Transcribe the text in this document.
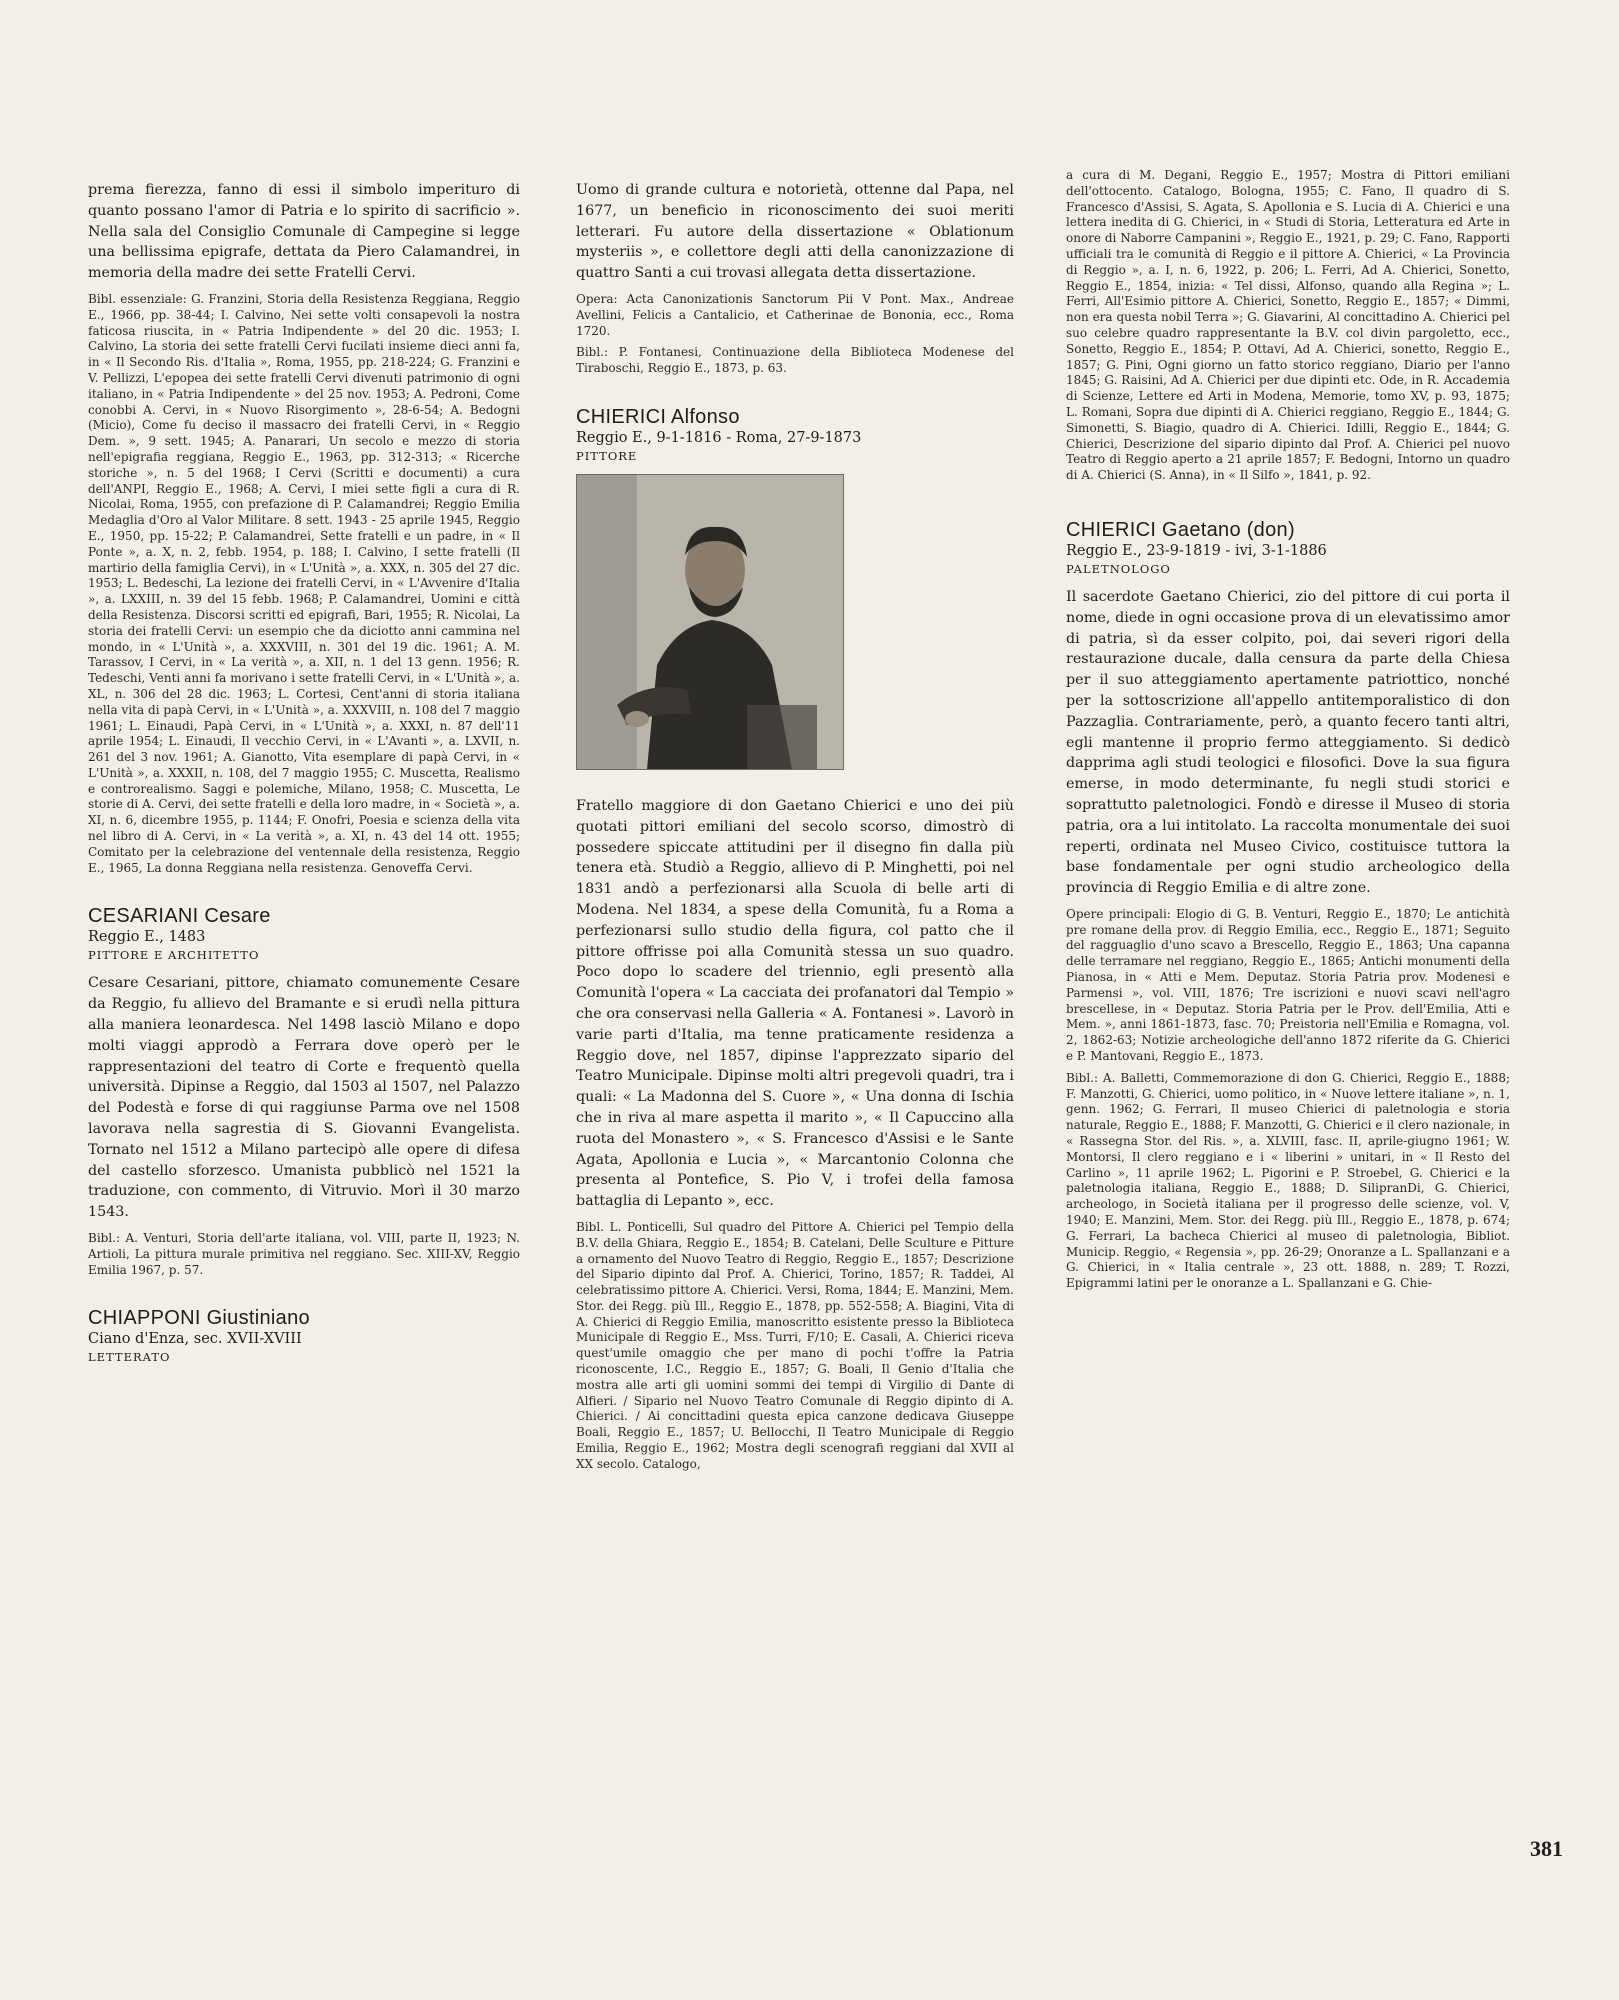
prema fierezza, fanno di essi il simbolo imperituro di quanto possano l'amor di Patria e lo spirito di sacrificio ». Nella sala del Consiglio Comunale di Campegine si legge una bellissima epigrafe, dettata da Piero Calamandrei, in memoria della madre dei sette Fratelli Cervi.

Bibl. essenziale: G. Franzini, Storia della Resistenza Reggiana, Reggio E., 1966, pp. 38-44; I. Calvino, Nei sette volti consapevoli la nostra faticosa riuscita, in « Patria Indipendente » del 20 dic. 1953; I. Calvino, La storia dei sette fratelli Cervi fucilati insieme dieci anni fa, in « Il Secondo Ris. d'Italia », Roma, 1955, pp. 218-224; G. Franzini e V. Pellizzi, L'epopea dei sette fratelli Cervi divenuti patrimonio di ogni italiano, in « Patria Indipendente » del 25 nov. 1953; A. Pedroni, Come conobbi A. Cervi, in « Nuovo Risorgimento », 28-6-54; A. Bedogni (Micio), Come fu deciso il massacro dei fratelli Cervi, in « Reggio Dem. », 9 sett. 1945; A. Panarari, Un secolo e mezzo di storia nell'epigrafia reggiana, Reggio E., 1963, pp. 312-313; « Ricerche storiche », n. 5 del 1968; I Cervi (Scritti e documenti) a cura dell'ANPI, Reggio E., 1968; A. Cervi, I miei sette figli a cura di R. Nicolai, Roma, 1955, con prefazione di P. Calamandrei; Reggio Emilia Medaglia d'Oro al Valor Militare. 8 sett. 1943 - 25 aprile 1945, Reggio E., 1950, pp. 15-22; P. Calamandrei, Sette fratelli e un padre, in « Il Ponte », a. X, n. 2, febb. 1954, p. 188; I. Calvino, I sette fratelli (Il martirio della famiglia Cervi), in « L'Unità », a. XXX, n. 305 del 27 dic. 1953; L. Bedeschi, La lezione dei fratelli Cervi, in « L'Avvenire d'Italia », a. LXXIII, n. 39 del 15 febb. 1968; P. Calamandrei, Uomini e città della Resistenza. Discorsi scritti ed epigrafi, Bari, 1955; R. Nicolai, La storia dei fratelli Cervi: un esempio che da diciotto anni cammina nel mondo, in « L'Unità », a. XXXVIII, n. 301 del 19 dic. 1961; A. M. Tarassov, I Cervi, in « La verità », a. XII, n. 1 del 13 genn. 1956; R. Tedeschi, Venti anni fa morivano i sette fratelli Cervi, in « L'Unità », a. XL, n. 306 del 28 dic. 1963; L. Cortesi, Cent'anni di storia italiana nella vita di papà Cervi, in « L'Unità », a. XXXVIII, n. 108 del 7 maggio 1961; L. Einaudi, Papà Cervi, in « L'Unità », a. XXXI, n. 87 dell'11 aprile 1954; L. Einaudi, Il vecchio Cervi, in « L'Avanti », a. LXVII, n. 261 del 3 nov. 1961; A. Gianotto, Vita esemplare di papà Cervi, in « L'Unità », a. XXXII, n. 108, del 7 maggio 1955; C. Muscetta, Realismo e controrealismo. Saggi e polemiche, Milano, 1958; C. Muscetta, Le storie di A. Cervi, dei sette fratelli e della loro madre, in « Società », a. XI, n. 6, dicembre 1955, p. 1144; F. Onofri, Poesia e scienza della vita nel libro di A. Cervi, in « La verità », a. XI, n. 43 del 14 ott. 1955; Comitato per la celebrazione del ventennale della resistenza, Reggio E., 1965, La donna Reggiana nella resistenza. Genoveffa Cervi.

CESARIANI Cesare

Reggio E., 1483

PITTORE E ARCHITETTO

Cesare Cesariani, pittore, chiamato comunemente Cesare da Reggio, fu allievo del Bramante e si erudì nella pittura alla maniera leonardesca. Nel 1498 lasciò Milano e dopo molti viaggi approdò a Ferrara dove operò per le rappresentazioni del teatro di Corte e frequentò quella università. Dipinse a Reggio, dal 1503 al 1507, nel Palazzo del Podestà e forse di qui raggiunse Parma ove nel 1508 lavorava nella sagrestia di S. Giovanni Evangelista. Tornato nel 1512 a Milano partecipò alle opere di difesa del castello sforzesco. Umanista pubblicò nel 1521 la traduzione, con commento, di Vitruvio. Morì il 30 marzo 1543.

Bibl.: A. Venturi, Storia dell'arte italiana, vol. VIII, parte II, 1923; N. Artioli, La pittura murale primitiva nel reggiano. Sec. XIII-XV, Reggio Emilia 1967, p. 57.

CHIAPPONI Giustiniano

Ciano d'Enza, sec. XVII-XVIII

LETTERATO

Uomo di grande cultura e notorietà, ottenne dal Papa, nel 1677, un beneficio in riconoscimento dei suoi meriti letterari. Fu autore della dissertazione « Oblationum mysteriis », e collettore degli atti della canonizzazione di quattro Santi a cui trovasi allegata detta dissertazione.

Opera: Acta Canonizationis Sanctorum Pii V Pont. Max., Andreae Avellini, Felicis a Cantalicio, et Catherinae de Bononia, ecc., Roma 1720.

Bibl.: P. Fontanesi, Continuazione della Biblioteca Modenese del Tiraboschi, Reggio E., 1873, p. 63.

CHIERICI Alfonso

Reggio E., 9-1-1816 - Roma, 27-9-1873

PITTORE

Fratello maggiore di don Gaetano Chierici e uno dei più quotati pittori emiliani del secolo scorso, dimostrò di possedere spiccate attitudini per il disegno fin dalla più tenera età. Studiò a Reggio, allievo di P. Minghetti, poi nel 1831 andò a perfezionarsi alla Scuola di belle arti di Modena. Nel 1834, a spese della Comunità, fu a Roma a perfezionarsi sullo studio della figura, col patto che il pittore offrisse poi alla Comunità stessa un suo quadro. Poco dopo lo scadere del triennio, egli presentò alla Comunità l'opera « La cacciata dei profanatori dal Tempio » che ora conservasi nella Galleria « A. Fontanesi ». Lavorò in varie parti d'Italia, ma tenne praticamente residenza a Reggio dove, nel 1857, dipinse l'apprezzato sipario del Teatro Municipale. Dipinse molti altri pregevoli quadri, tra i quali: « La Madonna del S. Cuore », « Una donna di Ischia che in riva al mare aspetta il marito », « Il Capuccino alla ruota del Monastero », « S. Francesco d'Assisi e le Sante Agata, Apollonia e Lucia », « Marcantonio Colonna che presenta al Pontefice, S. Pio V, i trofei della famosa battaglia di Lepanto », ecc.

Bibl. L. Ponticelli, Sul quadro del Pittore A. Chierici pel Tempio della B.V. della Ghiara, Reggio E., 1854; B. Catelani, Delle Sculture e Pitture a ornamento del Nuovo Teatro di Reggio, Reggio E., 1857; Descrizione del Sipario dipinto dal Prof. A. Chierici, Torino, 1857; R. Taddei, Al celebratissimo pittore A. Chierici. Versi, Roma, 1844; E. Manzini, Mem. Stor. dei Regg. più Ill., Reggio E., 1878, pp. 552-558; A. Biagini, Vita di A. Chierici di Reggio Emilia, manoscritto esistente presso la Biblioteca Municipale di Reggio E., Mss. Turri, F/10; E. Casali, A. Chierici riceva quest'umile omaggio che per mano di pochi t'offre la Patria riconoscente, I.C., Reggio E., 1857; G. Boali, Il Genio d'Italia che mostra alle arti gli uomini sommi dei tempi di Virgilio di Dante di Alfieri. / Sipario nel Nuovo Teatro Comunale di Reggio dipinto di A. Chierici. / Ai concittadini questa epica canzone dedicava Giuseppe Boali, Reggio E., 1857; U. Bellocchi, Il Teatro Municipale di Reggio Emilia, Reggio E., 1962; Mostra degli scenografi reggiani dal XVII al XX secolo. Catalogo,

a cura di M. Degani, Reggio E., 1957; Mostra di Pittori emiliani dell'ottocento. Catalogo, Bologna, 1955; C. Fano, Il quadro di S. Francesco d'Assisi, S. Agata, S. Apollonia e S. Lucia di A. Chierici e una lettera inedita di G. Chierici, in « Studi di Storia, Letteratura ed Arte in onore di Naborre Campanini », Reggio E., 1921, p. 29; C. Fano, Rapporti ufficiali tra le comunità di Reggio e il pittore A. Chierici, « La Provincia di Reggio », a. I, n. 6, 1922, p. 206; L. Ferri, Ad A. Chierici, Sonetto, Reggio E., 1854, inizia: « Tel dissi, Alfonso, quando alla Regina »; L. Ferri, All'Esimio pittore A. Chierici, Sonetto, Reggio E., 1857; « Dimmi, non era questa nobil Terra »; G. Giavarini, Al concittadino A. Chierici pel suo celebre quadro rappresentante la B.V. col divin pargoletto, ecc., Sonetto, Reggio E., 1854; P. Ottavi, Ad A. Chierici, sonetto, Reggio E., 1857; G. Pini, Ogni giorno un fatto storico reggiano, Diario per l'anno 1845; G. Raisini, Ad A. Chierici per due dipinti etc. Ode, in R. Accademia di Scienze, Lettere ed Arti in Modena, Memorie, tomo XV, p. 93, 1875; L. Romani, Sopra due dipinti di A. Chierici reggiano, Reggio E., 1844; G. Simonetti, S. Biagio, quadro di A. Chierici. Idilli, Reggio E., 1844; G. Chierici, Descrizione del sipario dipinto dal Prof. A. Chierici pel nuovo Teatro di Reggio aperto a 21 aprile 1857; F. Bedogni, Intorno un quadro di A. Chierici (S. Anna), in « Il Silfo », 1841, p. 92.

CHIERICI Gaetano (don)

Reggio E., 23-9-1819 - ivi, 3-1-1886

PALETNOLOGO

Il sacerdote Gaetano Chierici, zio del pittore di cui porta il nome, diede in ogni occasione prova di un elevatissimo amor di patria, sì da esser colpito, poi, dai severi rigori della restaurazione ducale, dalla censura da parte della Chiesa per il suo atteggiamento apertamente patriottico, nonché per la sottoscrizione all'appello antitemporalistico di don Pazzaglia. Contrariamente, però, a quanto fecero tanti altri, egli mantenne il proprio fermo atteggiamento. Si dedicò dapprima agli studi teologici e filosofici. Dove la sua figura emerse, in modo determinante, fu negli studi storici e soprattutto paletnologici. Fondò e diresse il Museo di storia patria, ora a lui intitolato. La raccolta monumentale dei suoi reperti, ordinata nel Museo Civico, costituisce tuttora la base fondamentale per ogni studio archeologico della provincia di Reggio Emilia e di altre zone.

Opere principali: Elogio di G. B. Venturi, Reggio E., 1870; Le antichità pre romane della prov. di Reggio Emilia, ecc., Reggio E., 1871; Seguito del ragguaglio d'uno scavo a Brescello, Reggio E., 1863; Una capanna delle terramare nel reggiano, Reggio E., 1865; Antichi monumenti della Pianosa, in « Atti e Mem. Deputaz. Storia Patria prov. Modenesi e Parmensi », vol. VIII, 1876; Tre iscrizioni e nuovi scavi nell'agro brescellese, in « Deputaz. Storia Patria per le Prov. dell'Emilia, Atti e Mem. », anni 1861-1873, fasc. 70; Preistoria nell'Emilia e Romagna, vol. 2, 1862-63; Notizie archeologiche dell'anno 1872 riferite da G. Chierici e P. Mantovani, Reggio E., 1873.

Bibl.: A. Balletti, Commemorazione di don G. Chierici, Reggio E., 1888; F. Manzotti, G. Chierici, uomo politico, in « Nuove lettere italiane », n. 1, genn. 1962; G. Ferrari, Il museo Chierici di paletnologia e storia naturale, Reggio E., 1888; F. Manzotti, G. Chierici e il clero nazionale, in « Rassegna Stor. del Ris. », a. XLVIII, fasc. II, aprile-giugno 1961; W. Montorsi, Il clero reggiano e i « liberini » unitari, in « Il Resto del Carlino », 11 aprile 1962; L. Pigorini e P. Stroebel, G. Chierici e la paletnologia italiana, Reggio E., 1888; D. SilipranDi, G. Chierici, archeologo, in Società italiana per il progresso delle scienze, vol. V, 1940; E. Manzini, Mem. Stor. dei Regg. più Ill., Reggio E., 1878, p. 674; G. Ferrari, La bacheca Chierici al museo di paletnologia, Bibliot. Municip. Reggio, « Regensia », pp. 26-29; Onoranze a L. Spallanzani e a G. Chierici, in « Italia centrale », 23 ott. 1888, n. 289; T. Rozzi, Epigrammi latini per le onoranze a L. Spallanzani e G. Chie-

381
